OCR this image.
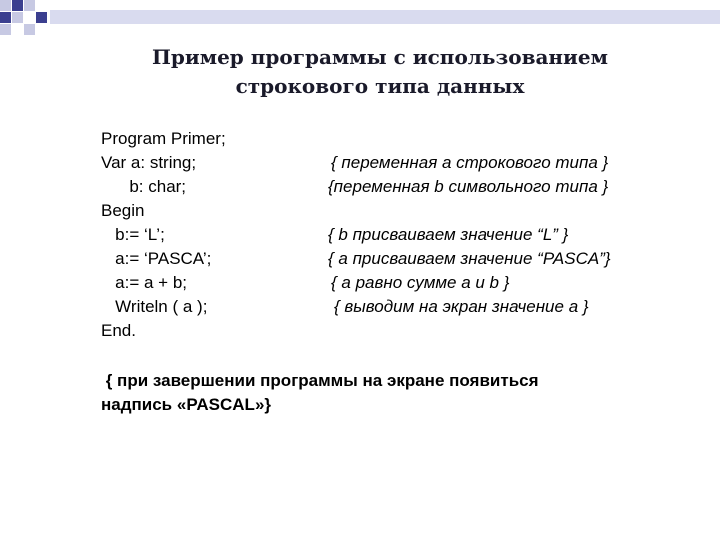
Пример программы с использованием
строкового типа данных
Program Primer;
Var a: string;
b: char;
Begin
b:= ‘L’;
a:= ‘PASCA’;
a:= a + b;
Writeln ( a );
End.
{ переменная a строкового типа }
{переменная b символьного типа }
{ b присваиваем значение “L” }
{ a присваиваем значение “PASCA”}
{ a равно сумме a и b }
{ выводим на экран значение a }
{ при завершении программы на экране появиться
надпись «PASCAL»}
